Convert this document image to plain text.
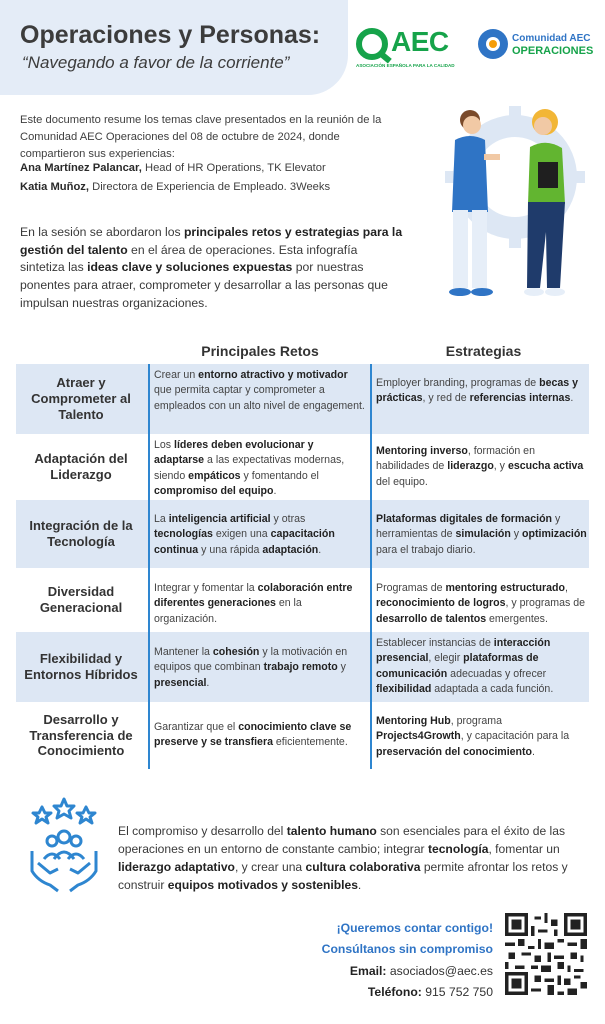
Operaciones y Personas:
“Navegando a favor de la corriente”
AEC
ASOCIACIÓN ESPAÑOLA PARA LA CALIDAD
Comunidad AEC
OPERACIONES
Este documento resume los temas clave presentados en la reunión de la Comunidad AEC Operaciones del 08 de octubre de 2024, donde compartieron sus experiencias:
Ana Martínez Palancar, Head of HR Operations, TK Elevator
Katia Muñoz, Directora de Experiencia de Empleado. 3Weeks
En la sesión se abordaron los principales retos y estrategias para la gestión del talento en el área de operaciones. Esta infografía sintetiza las ideas clave y soluciones expuestas por nuestras ponentes para atraer, comprometer y desarrollar a las personas que impulsan nuestras organizaciones.
Principales Retos	Estrategias
Atraer y Comprometer al Talento
Crear un entorno atractivo y motivador que permita captar y comprometer a empleados con un alto nivel de engagement.
Employer branding, programas de becas y prácticas, y red de referencias internas.
Adaptación del Liderazgo
Los líderes deben evolucionar y adaptarse a las expectativas modernas, siendo empáticos y fomentando el compromiso del equipo.
Mentoring inverso, formación en habilidades de liderazgo, y escucha activa del equipo.
Integración de la Tecnología
La inteligencia artificial y otras tecnologías exigen una capacitación continua y una rápida adaptación.
Plataformas digitales de formación y herramientas de simulación y optimización para el trabajo diario.
Diversidad Generacional
Integrar y fomentar la colaboración entre diferentes generaciones en la organización.
Programas de mentoring estructurado, reconocimiento de logros, y programas de desarrollo de talentos emergentes.
Flexibilidad y Entornos Híbridos
Mantener la cohesión y la motivación en equipos que combinan trabajo remoto y presencial.
Establecer instancias de interacción presencial, elegir plataformas de comunicación adecuadas y ofrecer flexibilidad adaptada a cada función.
Desarrollo y Transferencia de Conocimiento
Garantizar que el conocimiento clave se preserve y se transfiera eficientemente.
Mentoring Hub, programa Projects4Growth, y capacitación para la preservación del conocimiento.
El compromiso y desarrollo del talento humano son esenciales para el éxito de las operaciones en un entorno de constante cambio; integrar tecnología, fomentar un liderazgo adaptativo, y crear una cultura colaborativa permite afrontar los retos y construir equipos motivados y sostenibles.
¡Queremos contar contigo!
Consúltanos sin compromiso
Email: asociados@aec.es
Teléfono: 915 752 750
